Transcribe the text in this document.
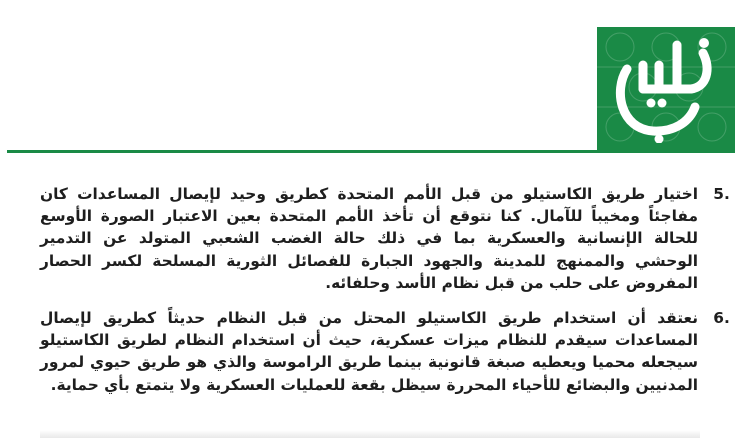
5.
اختيار طريق الكاستيلو من قبل الأمم المتحدة كطريق وحيد لإيصال المساعدات كان مفاجئاً ومخيباً للآمال. كنا نتوقع أن تأخذ الأمم المتحدة بعين الاعتبار الصورة الأوسع للحالة الإنسانية والعسكرية بما في ذلك حالة الغضب الشعبي المتولد عن التدمير الوحشي والممنهج للمدينة والجهود الجبارة للفصائل الثورية المسلحة لكسر الحصار المفروض على حلب من قبل نظام الأسد وحلفائه.

6.
نعتقد أن استخدام طريق الكاستيلو المحتل من قبل النظام حديثاً كطريق لإيصال المساعدات سيقدم للنظام ميزات عسكرية، حيث أن استخدام النظام لطريق الكاستيلو سيجعله محميا ويعطيه صبغة قانونية بينما طريق الراموسة والذي هو طريق حيوي لمرور المدنيين والبضائع للأحياء المحررة سيظل بقعة للعمليات العسكرية ولا يتمتع بأي حماية.
